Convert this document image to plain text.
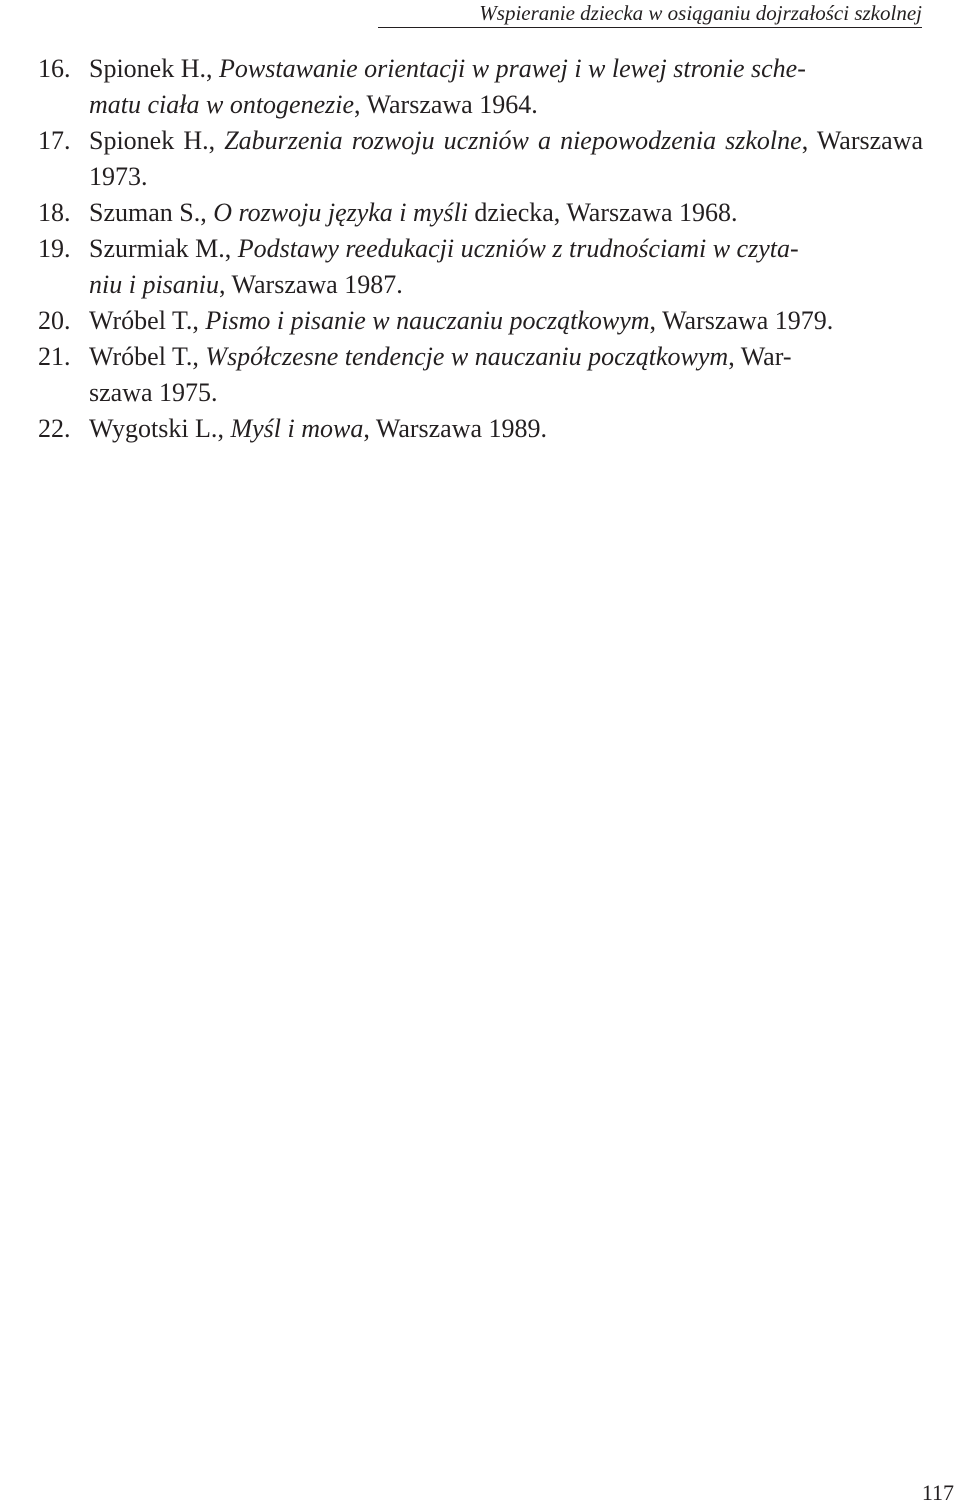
Wspieranie dziecka w osiąganiu dojrzałości szkolnej
16. Spionek H., Powstawanie orientacji w prawej i w lewej stronie sche-
matu ciała w ontogenezie, Warszawa 1964.
17. Spionek H., Zaburzenia rozwoju uczniów a niepowodzenia szkolne, Warszawa 1973.
18. Szuman S., O rozwoju języka i myśli dziecka, Warszawa 1968.
19. Szurmiak M., Podstawy reedukacji uczniów z trudnościami w czyta-
niu i pisaniu, Warszawa 1987.
20. Wróbel T., Pismo i pisanie w nauczaniu początkowym, Warszawa 1979.
21. Wróbel T., Współczesne tendencje w nauczaniu początkowym, War-
szawa 1975.
22. Wygotski L., Myśl i mowa, Warszawa 1989.
117
